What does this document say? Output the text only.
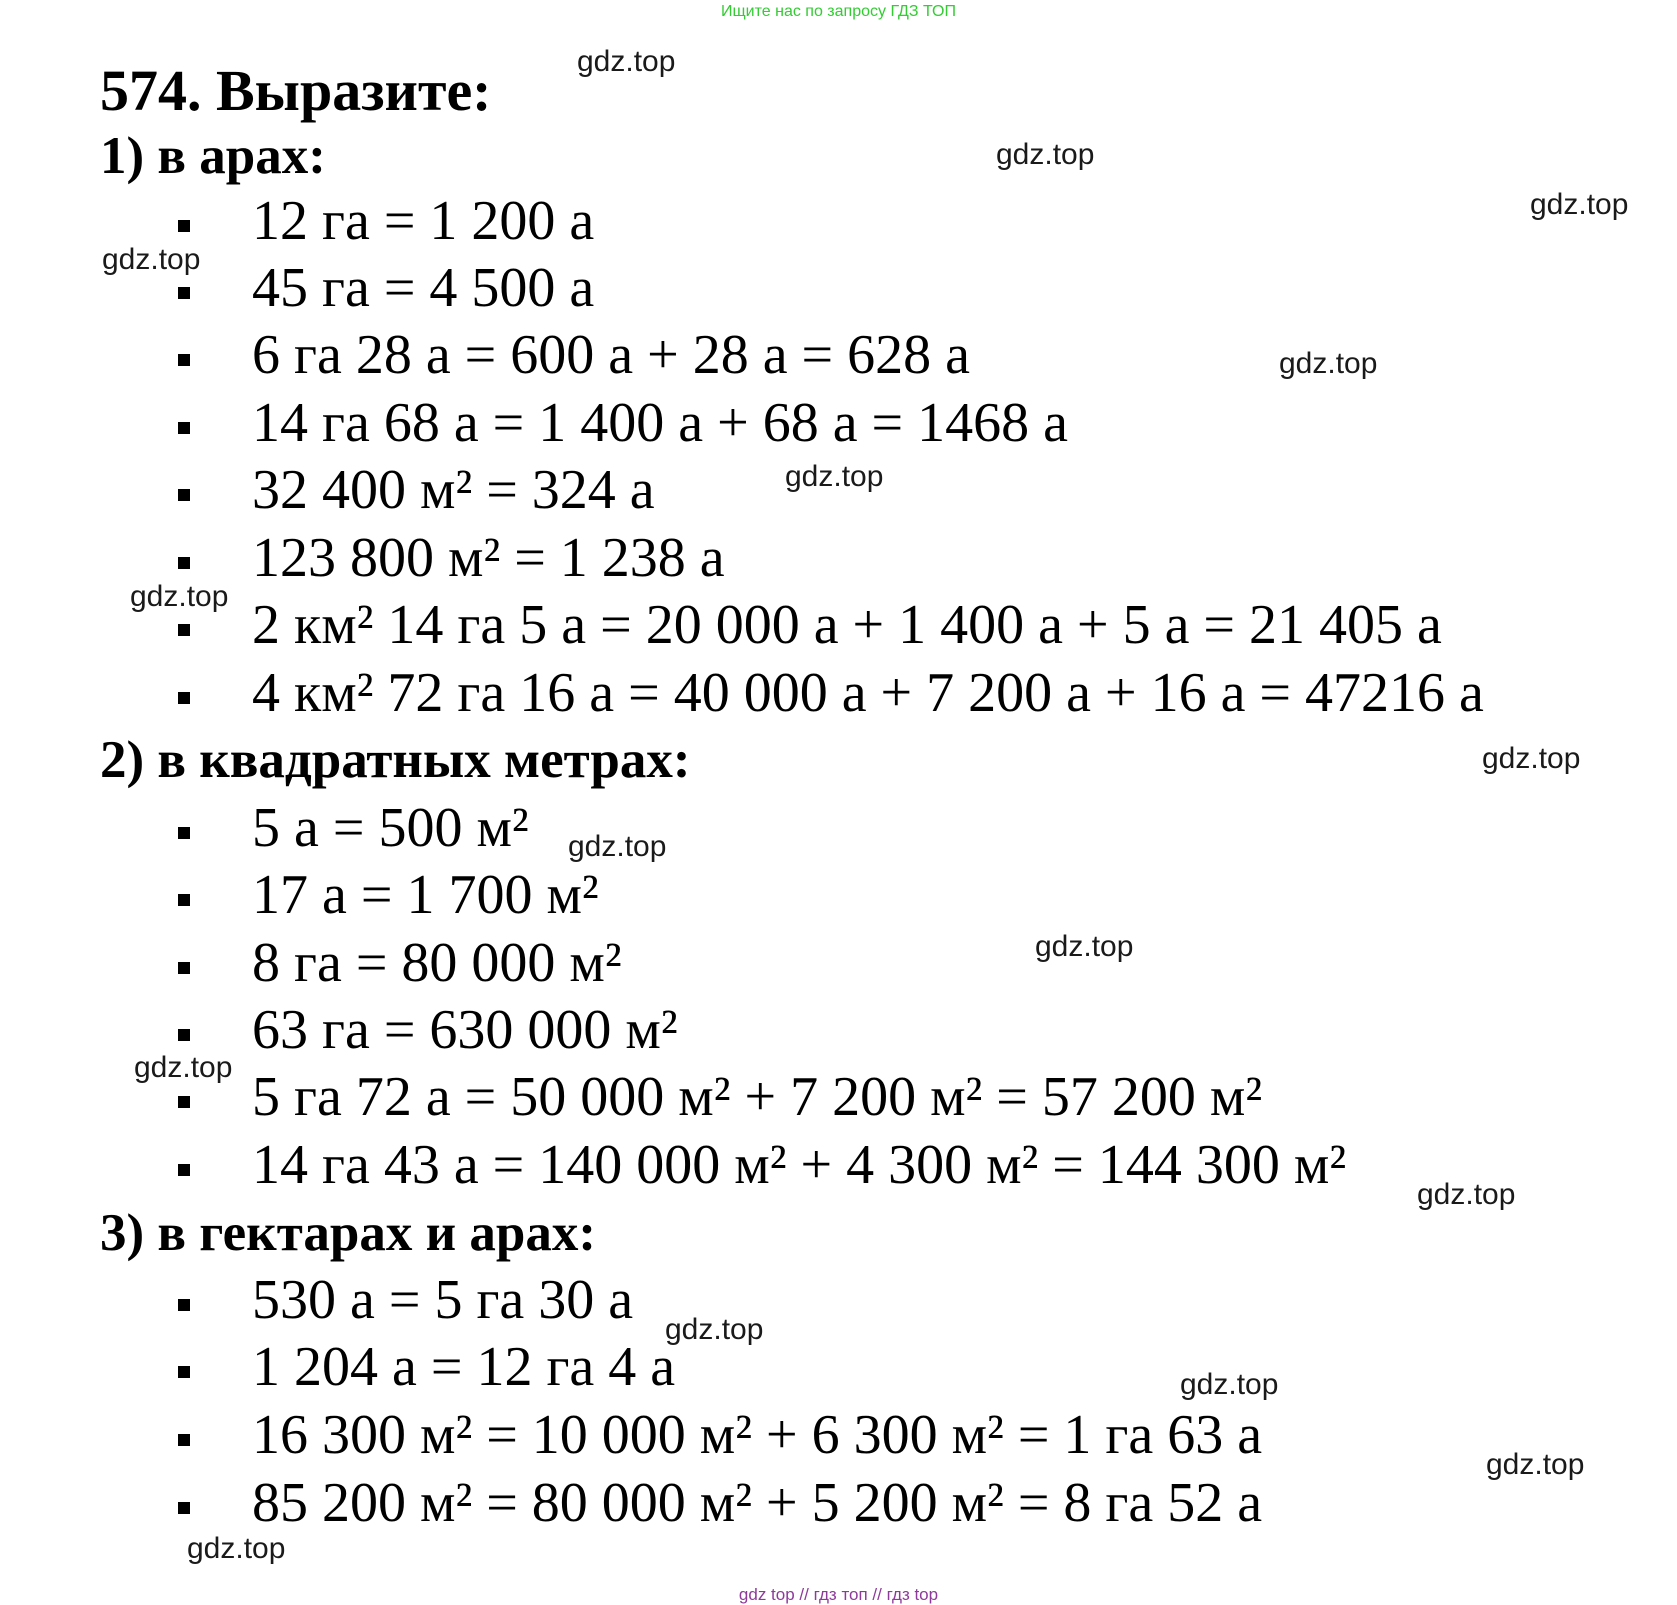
Ищите нас по запросу ГДЗ ТОП
574. Выразите:
1) в арах:
12 га = 1 200 а
45 га = 4 500 а
6 га 28 а = 600 а + 28 а = 628 а
14 га 68 а = 1 400 а + 68 а = 1468 а
32 400 м² = 324 а
123 800 м² = 1 238 а
2 км² 14 га 5 а = 20 000 а + 1 400 а + 5 а = 21 405 а
4 км² 72 га 16 а = 40 000 а + 7 200 а + 16 а = 47216 а
2) в квадратных метрах:
5 а = 500 м²
17 а = 1 700 м²
8 га = 80 000 м²
63 га = 630 000 м²
5 га 72 а = 50 000 м² + 7 200 м² = 57 200 м²
14 га 43 а = 140 000 м² + 4 300 м² = 144 300 м²
3) в гектарах и арах:
530 а = 5 га 30 а
1 204 а = 12 га 4 а
16 300 м² = 10 000 м² + 6 300 м² = 1 га 63 а
85 200 м² = 80 000 м² + 5 200 м² = 8 га 52 а
gdz.top
gdz.top
gdz.top
gdz.top
gdz.top
gdz.top
gdz.top
gdz.top
gdz.top
gdz.top
gdz.top
gdz.top
gdz.top
gdz.top
gdz.top
gdz.top
gdz top // гдз топ // гдз top
